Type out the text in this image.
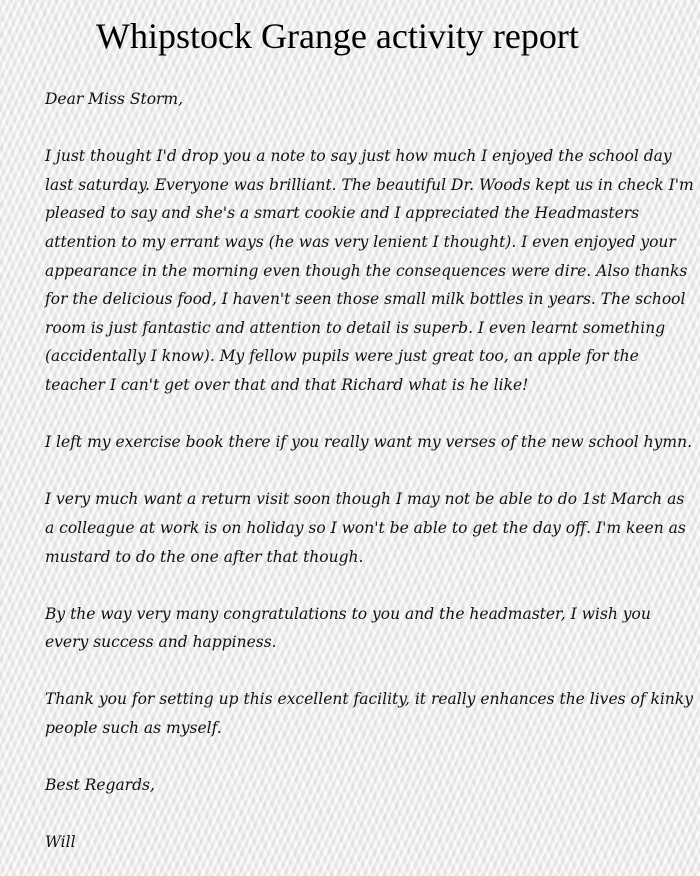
Whipstock Grange activity report

Dear Miss Storm,

I just thought I'd drop you a note to say just how much I enjoyed the school day last saturday. Everyone was brilliant. The beautiful Dr. Woods kept us in check I'm pleased to say and she's a smart cookie and I appreciated the Headmasters attention to my errant ways (he was very lenient I thought). I even enjoyed your appearance in the morning even though the consequences were dire. Also thanks for the delicious food, I haven't seen those small milk bottles in years. The school room is just fantastic and attention to detail is superb. I even learnt something (accidentally I know). My fellow pupils were just great too, an apple for the teacher I can't get over that and that Richard what is he like!

I left my exercise book there if you really want my verses of the new school hymn.

I very much want a return visit soon though I may not be able to do 1st March as a colleague at work is on holiday so I won't be able to get the day off. I'm keen as mustard to do the one after that though.

By the way very many congratulations to you and the headmaster, I wish you every success and happiness.

Thank you for setting up this excellent facility, it really enhances the lives of kinky people such as myself.

Best Regards,

Will
